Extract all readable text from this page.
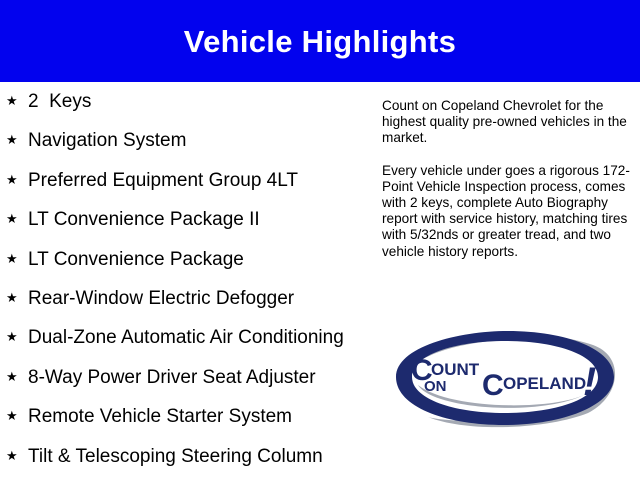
Vehicle Highlights
★ 2  Keys
★ Navigation System
★ Preferred Equipment Group 4LT
★ LT Convenience Package II
★ LT Convenience Package
★ Rear-Window Electric Defogger
★ Dual-Zone Automatic Air Conditioning
★ 8-Way Power Driver Seat Adjuster
★ Remote Vehicle Starter System
★ Tilt & Telescoping Steering Column

Count on Copeland Chevrolet for the highest quality pre-owned vehicles in the market.

Every vehicle under goes a rigorous 172-Point Vehicle Inspection process, comes with 2 keys, complete Auto Biography report with service history, matching tires with 5/32nds or greater tread, and two vehicle history reports.

C
OUNT
ON C OPELAND
!
